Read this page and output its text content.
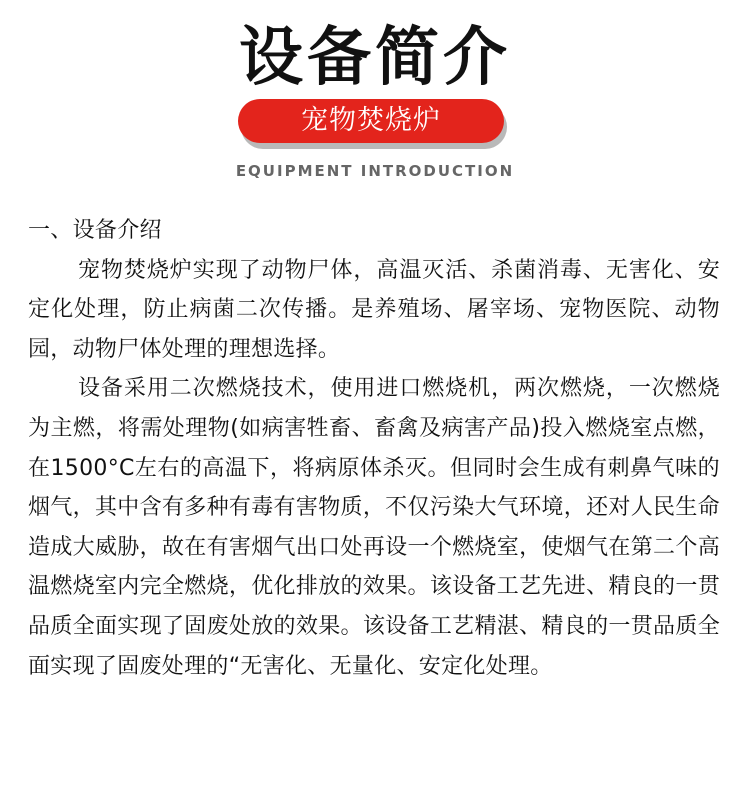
设备简介
宠物焚烧炉
EQUIPMENT INTRODUCTION

一、设备介绍

宠物焚烧炉实现了动物尸体，高温灭活、杀菌消毒、无害化、安定化处理，防止病菌二次传播。是养殖场、屠宰场、宠物医院、动物园，动物尸体处理的理想选择。

设备采用二次燃烧技术，使用进口燃烧机，两次燃烧，一次燃烧为主燃，将需处理物(如病害牲畜、畜禽及病害产品)投入燃烧室点燃，在1500°C左右的高温下，将病原体杀灭。但同时会生成有刺鼻气味的烟气，其中含有多种有毒有害物质，不仅污染大气环境，还对人民生命造成大威胁，故在有害烟气出口处再设一个燃烧室，使烟气在第二个高温燃烧室内完全燃烧，优化排放的效果。该设备工艺先进、精良的一贯品质全面实现了固废处放的效果。该设备工艺精湛、精良的一贯品质全面实现了固废处理的“无害化、无量化、安定化处理。
